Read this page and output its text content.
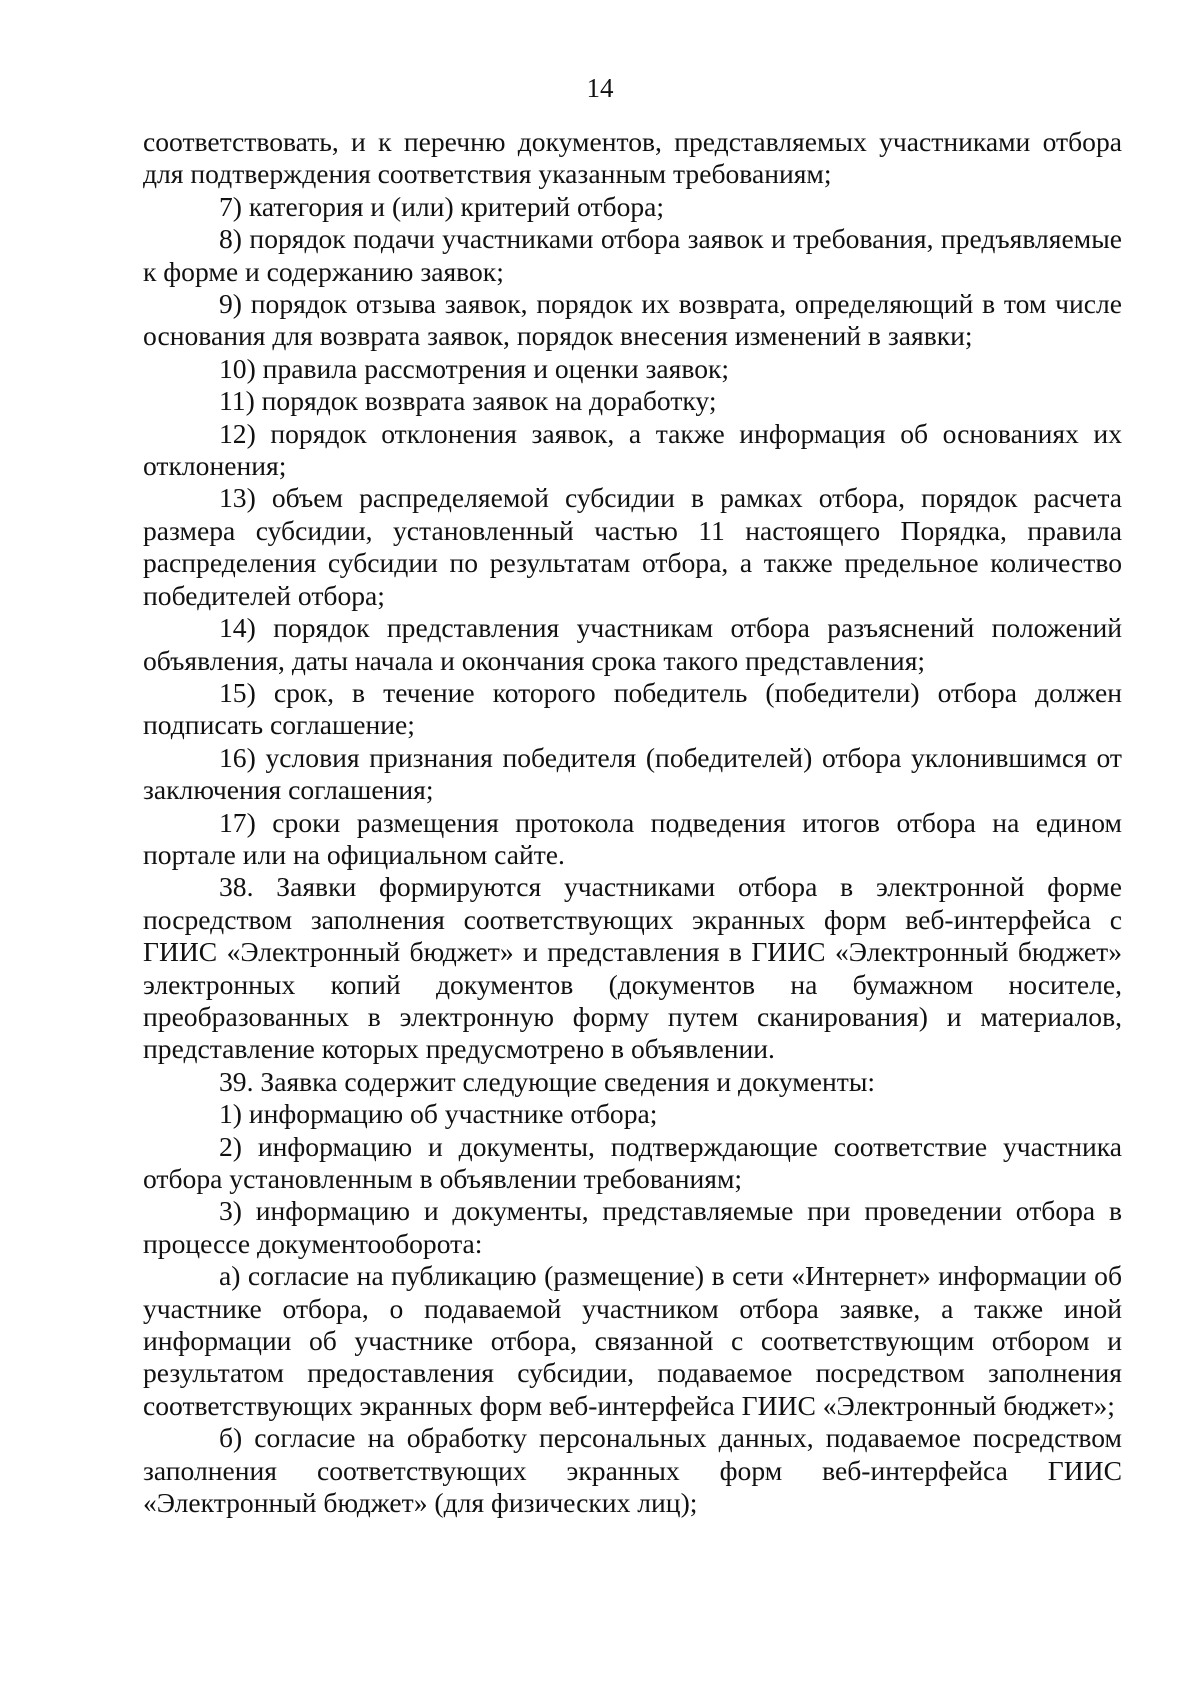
14

соответствовать, и к перечню документов, представляемых участниками отбора для подтверждения соответствия указанным требованиям;

7) категория и (или) критерий отбора;

8) порядок подачи участниками отбора заявок и требования, предъявляемые к форме и содержанию заявок;

9) порядок отзыва заявок, порядок их возврата, определяющий в том числе основания для возврата заявок, порядок внесения изменений в заявки;

10) правила рассмотрения и оценки заявок;

11) порядок возврата заявок на доработку;

12) порядок отклонения заявок, а также информация об основаниях их отклонения;

13) объем распределяемой субсидии в рамках отбора, порядок расчета размера субсидии, установленный частью 11 настоящего Порядка, правила распределения субсидии по результатам отбора, а также предельное количество победителей отбора;

14) порядок представления участникам отбора разъяснений положений объявления, даты начала и окончания срока такого представления;

15) срок, в течение которого победитель (победители) отбора должен подписать соглашение;

16) условия признания победителя (победителей) отбора уклонившимся от заключения соглашения;

17) сроки размещения протокола подведения итогов отбора на едином портале или на официальном сайте.

38. Заявки формируются участниками отбора в электронной форме посредством заполнения соответствующих экранных форм веб-интерфейса с ГИИС «Электронный бюджет» и представления в ГИИС «Электронный бюджет» электронных копий документов (документов на бумажном носителе, преобразованных в электронную форму путем сканирования) и материалов, представление которых предусмотрено в объявлении.

39. Заявка содержит следующие сведения и документы:

1) информацию об участнике отбора;

2) информацию и документы, подтверждающие соответствие участника отбора установленным в объявлении требованиям;

3) информацию и документы, представляемые при проведении отбора в процессе документооборота:

а) согласие на публикацию (размещение) в сети «Интернет» информации об участнике отбора, о подаваемой участником отбора заявке, а также иной информации об участнике отбора, связанной с соответствующим отбором и результатом предоставления субсидии, подаваемое посредством заполнения соответствующих экранных форм веб-интерфейса ГИИС «Электронный бюджет»;

б) согласие на обработку персональных данных, подаваемое посредством заполнения соответствующих экранных форм веб-интерфейса ГИИС «Электронный бюджет» (для физических лиц);
